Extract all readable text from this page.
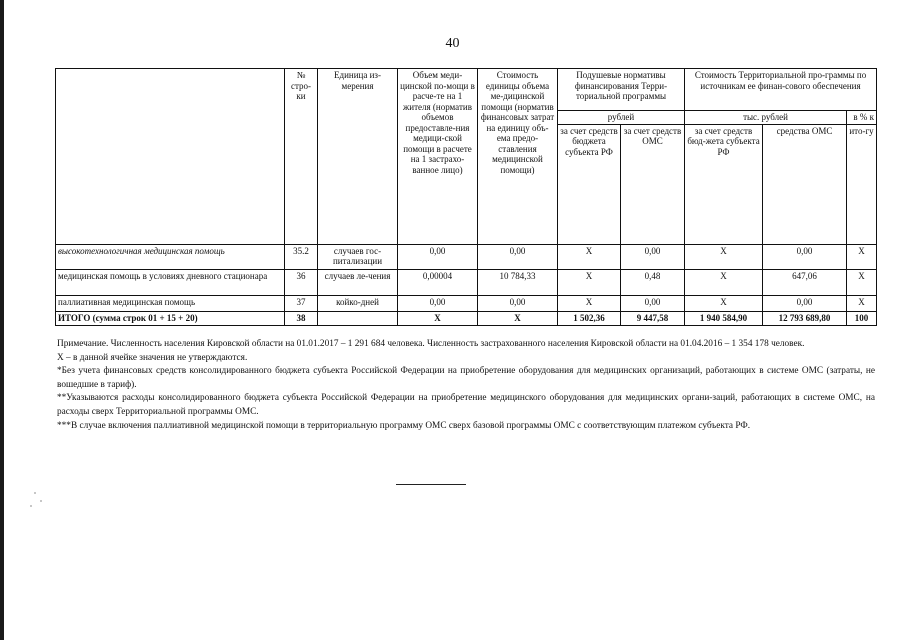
40
	№ стро-ки	Единица из-мерения	Объем меди-цинской по-мощи в расче-те на 1 жителя (норматив объемов предоставле-ния медици-ской помощи в расчете на 1 застрахо-ванное лицо)	Стоимость единицы объема ме-дицинской помощи (норматив финансовых затрат на единицу объ-ема предо-ставления медицинской помощи)	Подушевые нормативы финансирования Терри-ториальной программы		Стоимость Территориальной про-граммы по источникам ее финан-сового обеспечения		
					рублей		тыс. рублей		в % к
					за счет средств бюджета субъекта РФ	за счет средств ОМС	за счет средств бюд-жета субъекта РФ	средства ОМС	ито-гу

высокотехнологичная медицинская помощь	35.2	случаев гос-питализации	0,00	0,00	Х	0,00	Х	0,00	Х
медицинская помощь в условиях дневного стационара	36	случаев ле-чения	0,00004	10 784,33	Х	0,48	Х	647,06	Х
паллиативная медицинская помощь	37	койко-дней	0,00	0,00	Х	0,00	Х	0,00	Х
ИТОГО (сумма строк 01 + 15 + 20)	38		Х	Х	1 502,36	9 447,58	1 940 584,90	12 793 689,80	100

Примечание. Численность населения Кировской области на 01.01.2017 – 1 291 684 человека. Численность застрахованного населения Кировской области на 01.04.2016 – 1 354 178 человек.

Х – в данной ячейке значения не утверждаются.

*Без учета финансовых средств консолидированного бюджета субъекта Российской Федерации на приобретение оборудования для медицинских организаций, работающих в системе ОМС (затраты, не вошедшие в тариф).

**Указываются расходы консолидированного бюджета субъекта Российской Федерации на приобретение медицинского оборудования для медицинских органи-заций, работающих в системе ОМС, на расходы сверх Территориальной программы ОМС.

***В случае включения паллиативной медицинской помощи в территориальную программу ОМС сверх базовой программы ОМС с соответствующим платежом субъекта РФ.
